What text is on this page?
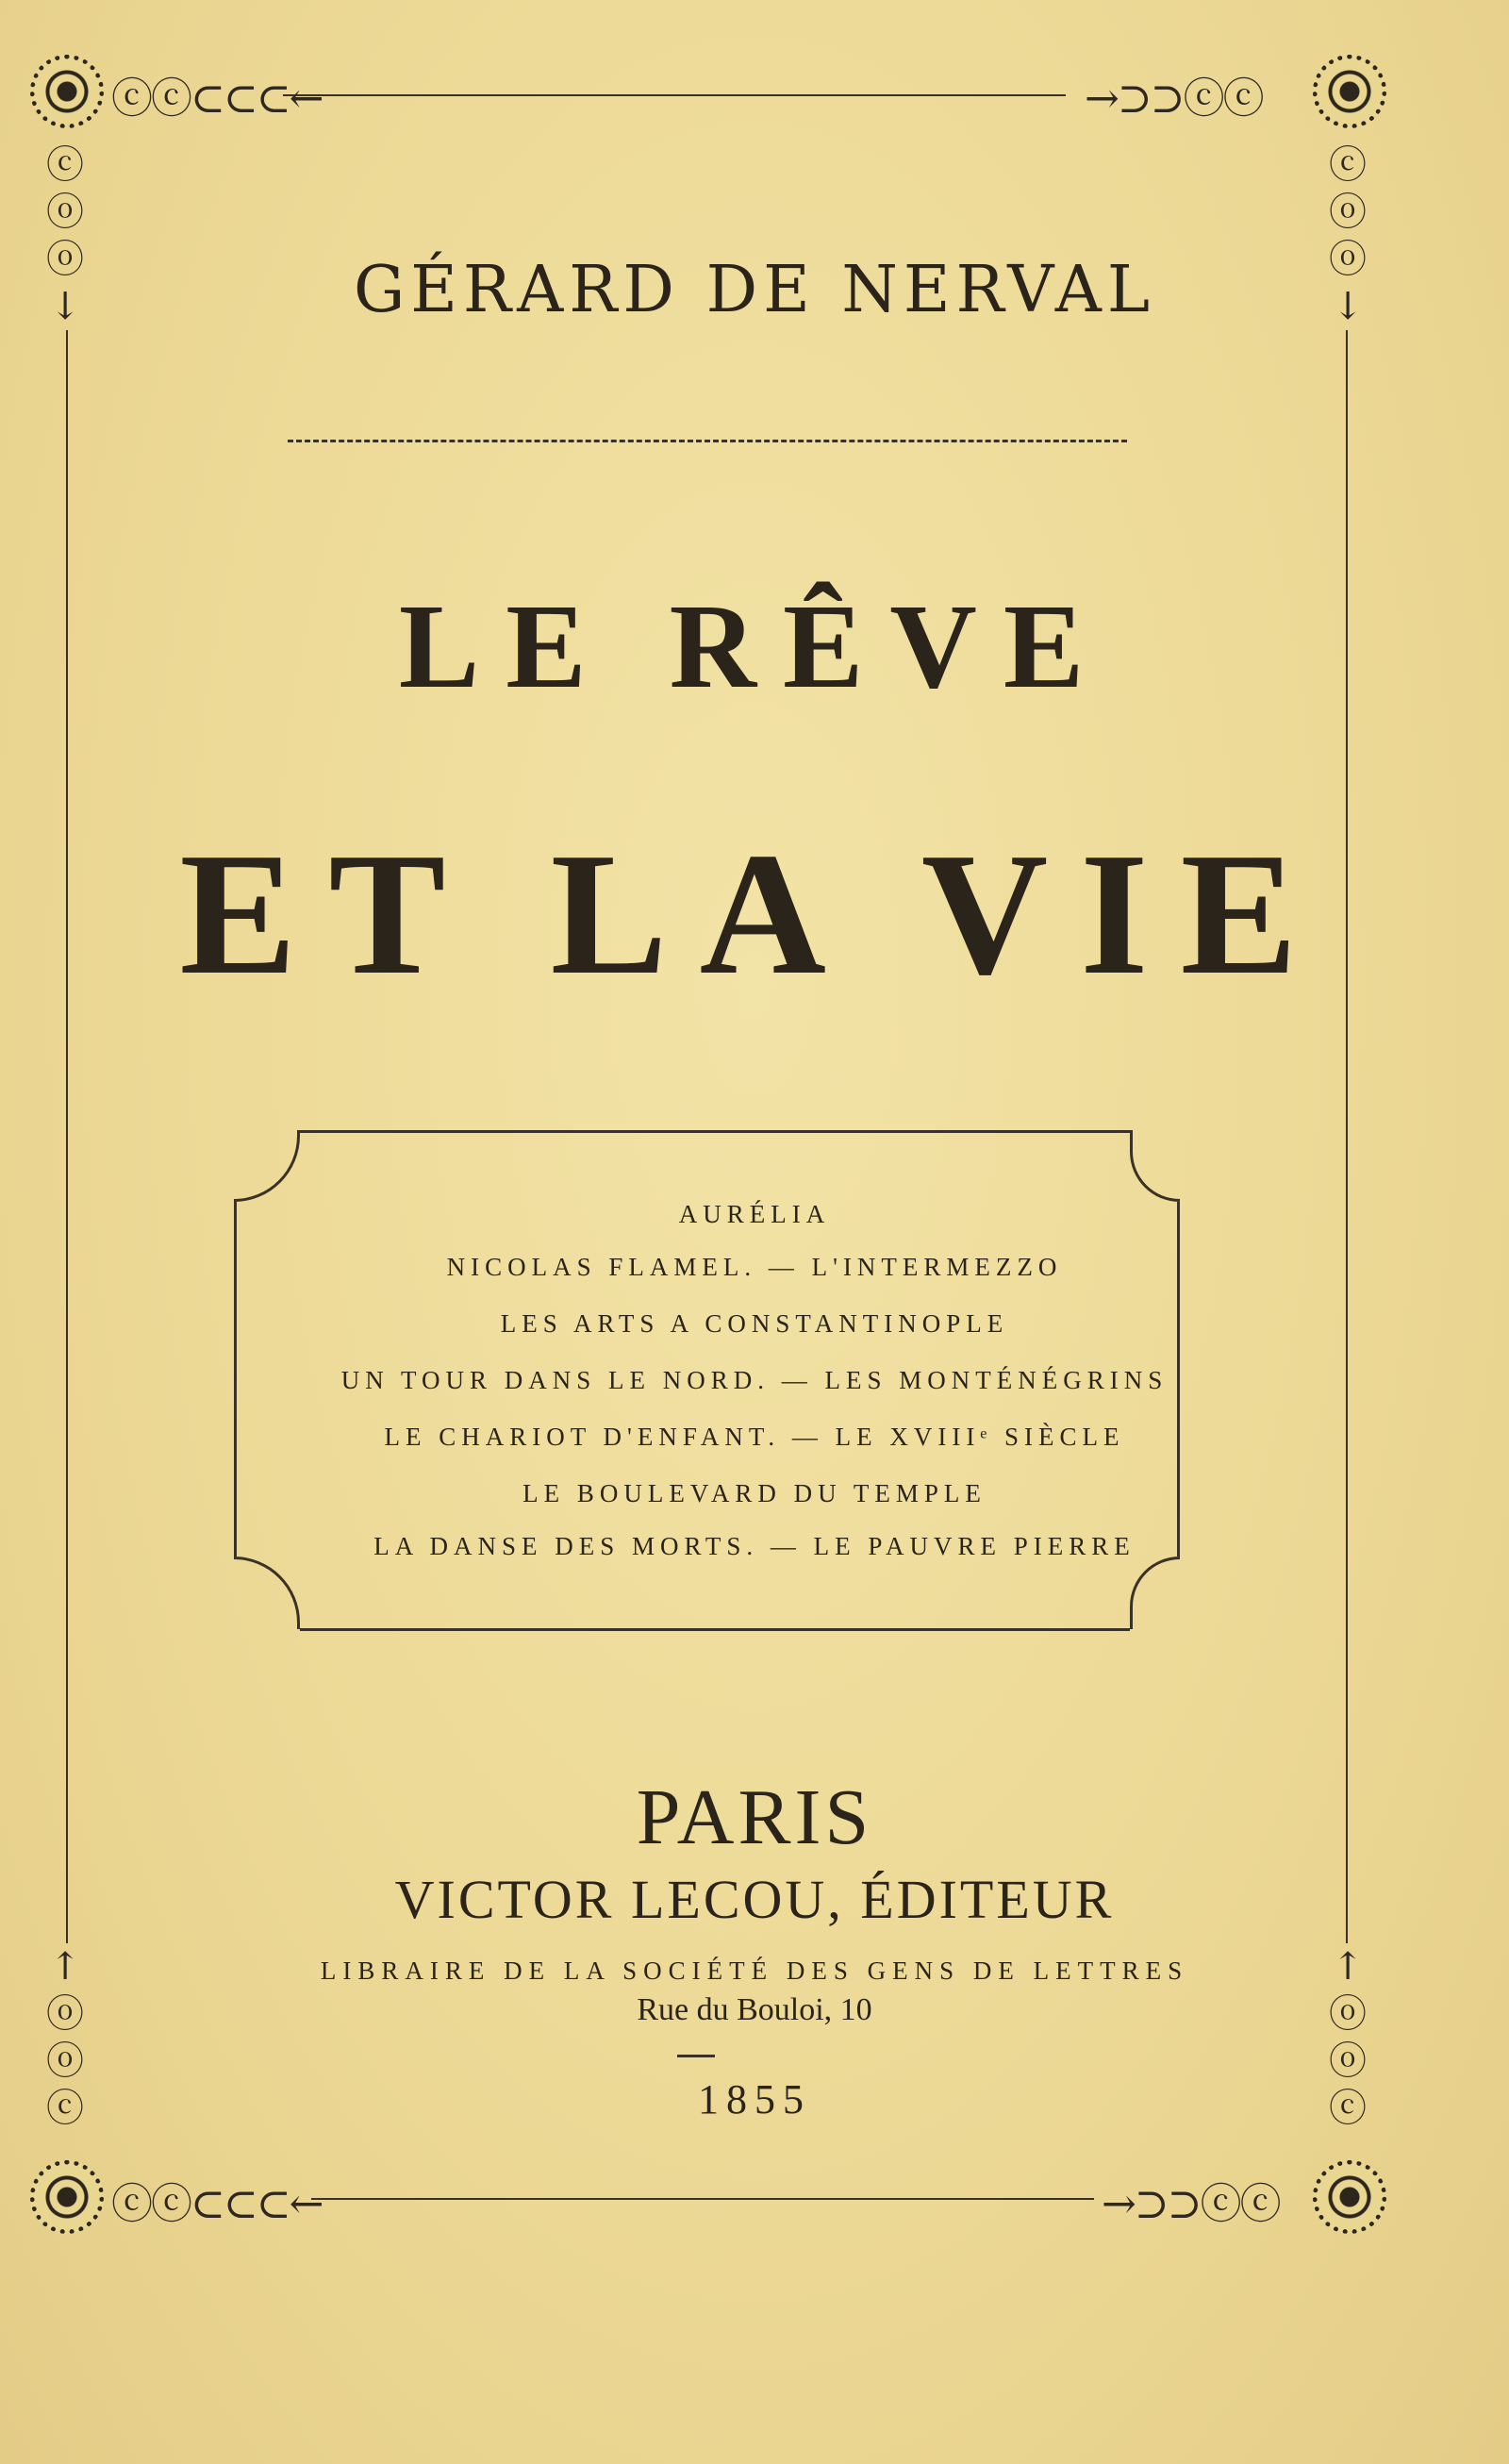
ⓒⓒ⊂⊂⊂←	→⊃⊃ⓒⓒ
ⓒⓒ⊂⊂⊂←	→⊃⊃ⓒⓒ
ⓒ
ⓞ
ⓞ
↓
ⓒ
ⓞ
ⓞ
↓
↑
ⓞ
ⓞ
ⓒ
↑
ⓞ
ⓞ
ⓒ
GÉRARD DE NERVAL
LE RÊVE
ET LA VIE
AURÉLIA
NICOLAS FLAMEL. — L'INTERMEZZO
LES ARTS A CONSTANTINOPLE
UN TOUR DANS LE NORD. — LES MONTÉNÉGRINS
LE CHARIOT D'ENFANT. — LE XVIIIᵉ SIÈCLE
LE BOULEVARD DU TEMPLE
LA DANSE DES MORTS. — LE PAUVRE PIERRE
PARIS
VICTOR LECOU, ÉDITEUR
LIBRAIRE DE LA SOCIÉTÉ DES GENS DE LETTRES
Rue du Bouloi, 10
1855
